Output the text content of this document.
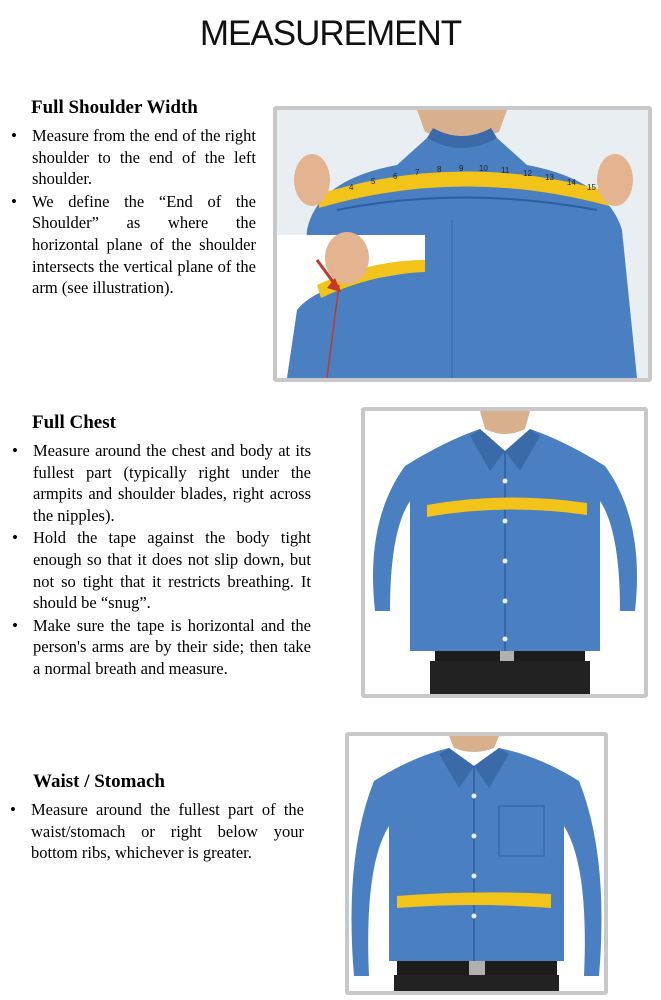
MEASUREMENT
Full Shoulder Width
• Measure from the end of the right shoulder to the end of the left shoulder.
• We define the “End of the Shoulder” as where the horizontal plane of the shoulder intersects the vertical plane of the arm (see illustration).
4
5
6 7 8 9 10 11 12 13
14
15
Full Chest
• Measure around the chest and body at its fullest part (typically right under the armpits and shoulder blades, right across the nipples).
• Hold the tape against the body tight enough so that it does not slip down, but not so tight that it restricts breathing. It should be “snug”.
• Make sure the tape is horizontal and the person's arms are by their side; then take a normal breath and measure.
Waist / Stomach
• Measure around the fullest part of the waist/stomach or right below your bottom ribs, whichever is greater.
